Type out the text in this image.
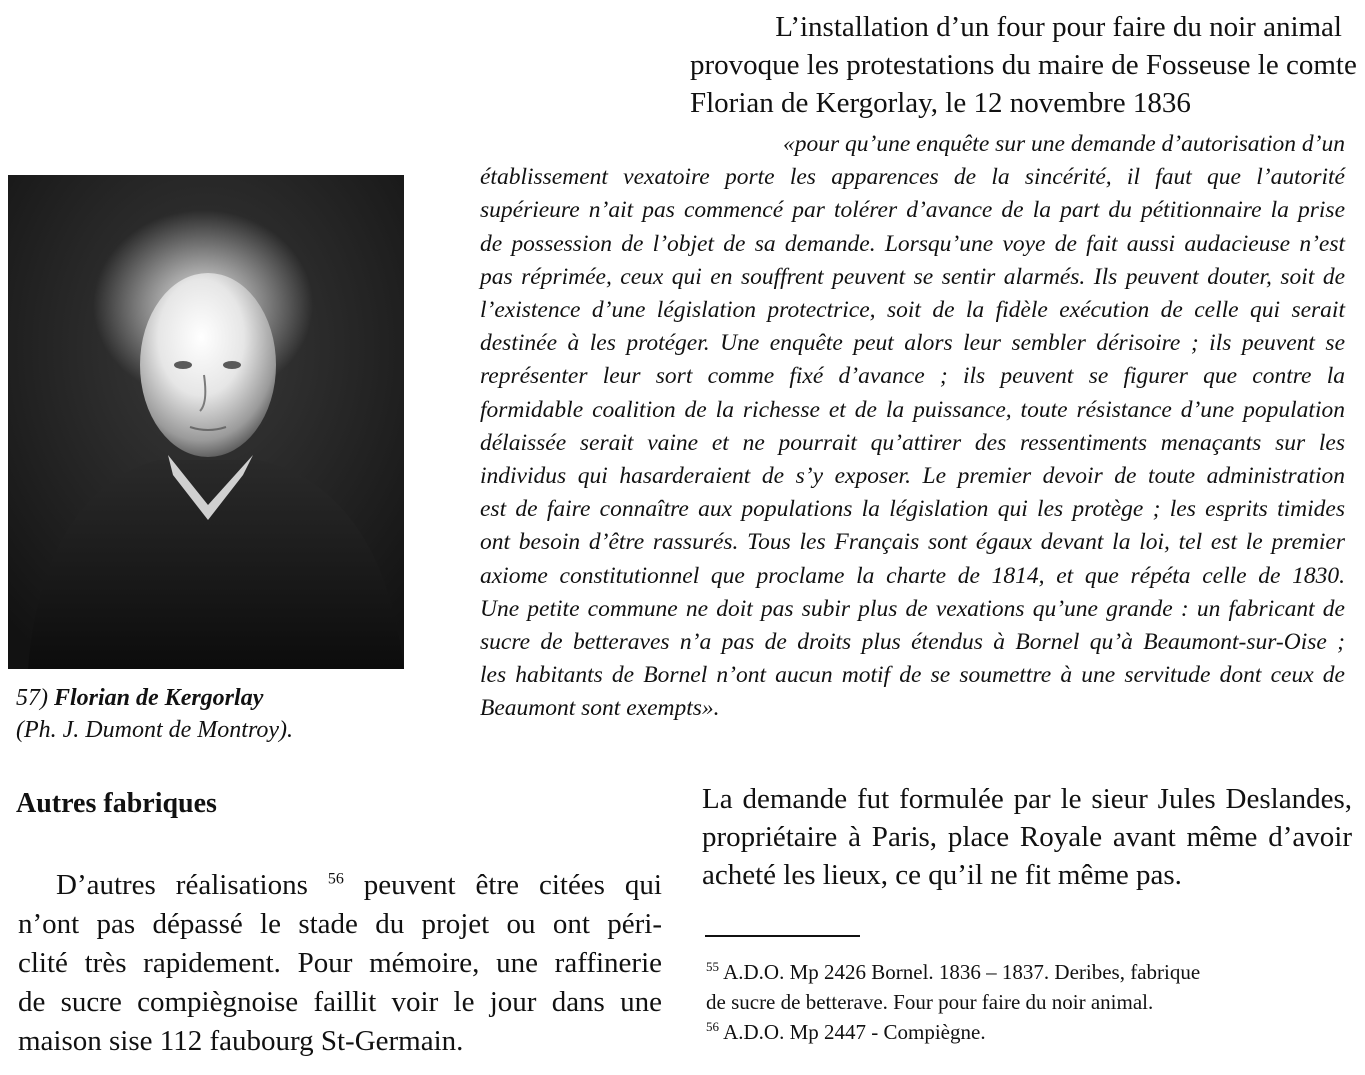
L’installation d’un four pour faire du noir animal
provoque les protestations du maire de Fosseuse le comte
Florian de Kergorlay, le 12 novembre 1836
«pour qu’une enquête sur une demande d’autorisation d’un
établissement vexatoire porte les apparences de la sincérité, il faut que l’autorité
supérieure n’ait pas commencé par tolérer d’avance de la part du pétitionnaire la prise
de possession de l’objet de sa demande. Lorsqu’une voye de fait aussi audacieuse n’est
pas réprimée, ceux qui en souffrent peuvent se sentir alarmés. Ils peuvent douter, soit de
l’existence d’une législation protectrice, soit de la fidèle exécution de celle qui serait
destinée à les protéger. Une enquête peut alors leur sembler dérisoire ; ils peuvent se
représenter leur sort comme fixé d’avance ; ils peuvent se figurer que contre la
formidable coalition de la richesse et de la puissance, toute résistance d’une population
délaissée serait vaine et ne pourrait qu’attirer des ressentiments menaçants sur les
individus qui hasarderaient de s’y exposer. Le premier devoir de toute administration
est de faire connaître aux populations la législation qui les protège ; les esprits timides
ont besoin d’être rassurés. Tous les Français sont égaux devant la loi, tel est le premier
axiome constitutionnel que proclame la charte de 1814, et que répéta celle de 1830.
Une petite commune ne doit pas subir plus de vexations qu’une grande : un fabricant de
sucre de betteraves n’a pas de droits plus étendus à Bornel qu’à Beaumont-sur-Oise ;
les habitants de Bornel n’ont aucun motif de se soumettre à une servitude dont ceux de
Beaumont sont exempts».
57) Florian de Kergorlay
(Ph. J. Dumont de Montroy).
Autres fabriques
D’autres réalisations $^{56}$ peuvent être citées qui
n’ont pas dépassé le stade du projet ou ont péri-
clité très rapidement. Pour mémoire, une raffinerie
de sucre compiègnoise faillit voir le jour dans une
maison sise 112 faubourg St-Germain.
La demande fut formulée par le sieur Jules Deslandes,
propriétaire à Paris, place Royale avant même d’avoir
acheté les lieux, ce qu’il ne fit même pas.
$^{55}$ A.D.O. Mp 2426 Bornel. 1836 – 1837. Deribes, fabrique
de sucre de betterave. Four pour faire du noir animal.
$^{56}$ A.D.O. Mp 2447 - Compiègne.
